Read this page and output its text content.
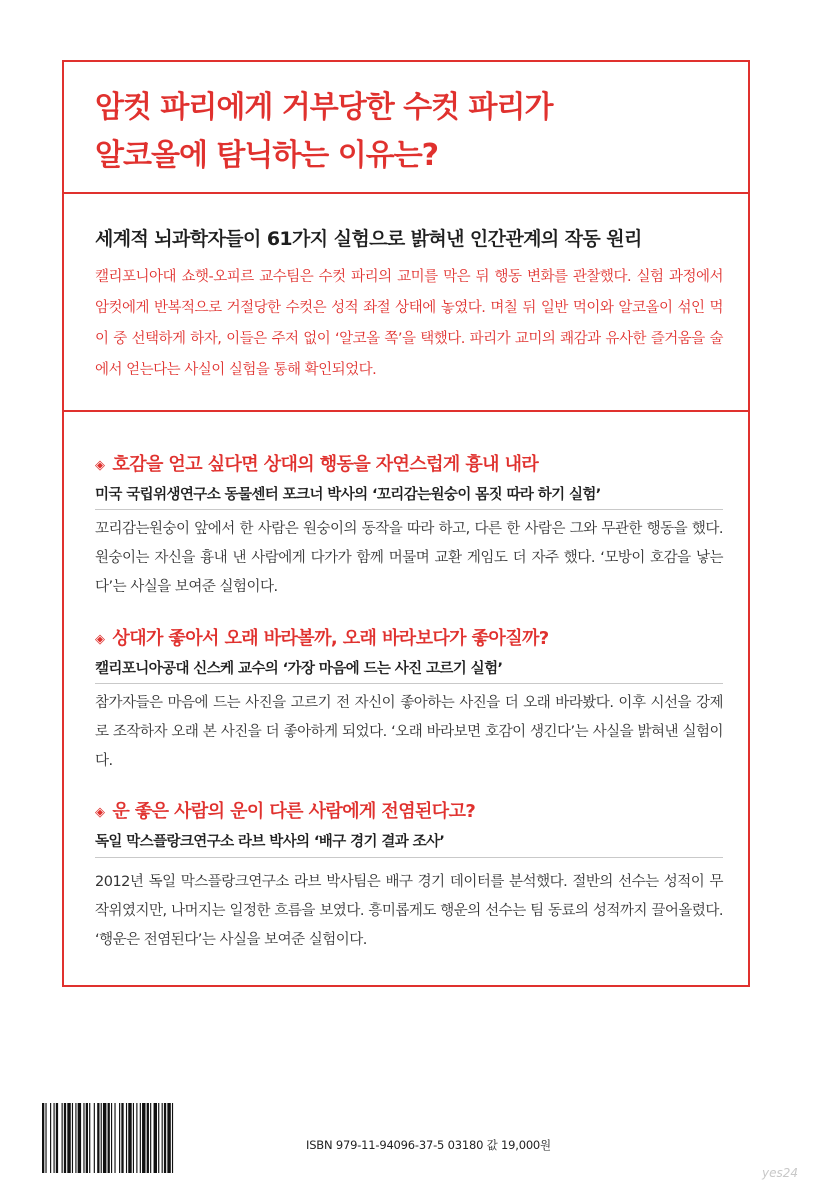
암컷 파리에게 거부당한 수컷 파리가
알코올에 탐닉하는 이유는?
세계적 뇌과학자들이 61가지 실험으로 밝혀낸 인간관계의 작동 원리
캘리포니아대 쇼햇-오피르 교수팀은 수컷 파리의 교미를 막은 뒤 행동 변화를 관찰했다. 실험 과정에서 암컷에게 반복적으로 거절당한 수컷은 성적 좌절 상태에 놓였다. 며칠 뒤 일반 먹이와 알코올이 섞인 먹이 중 선택하게 하자, 이들은 주저 없이 ‘알코올 쪽’을 택했다. 파리가 교미의 쾌감과 유사한 즐거움을 술에서 얻는다는 사실이 실험을 통해 확인되었다.
◈ 호감을 얻고 싶다면 상대의 행동을 자연스럽게 흉내 내라
미국 국립위생연구소 동물센터 포크너 박사의 ‘꼬리감는원숭이 몸짓 따라 하기 실험’
꼬리감는원숭이 앞에서 한 사람은 원숭이의 동작을 따라 하고, 다른 한 사람은 그와 무관한 행동을 했다. 원숭이는 자신을 흉내 낸 사람에게 다가가 함께 머물며 교환 게임도 더 자주 했다. ‘모방이 호감을 낳는다’는 사실을 보여준 실험이다.
◈ 상대가 좋아서 오래 바라볼까, 오래 바라보다가 좋아질까?
캘리포니아공대 신스케 교수의 ‘가장 마음에 드는 사진 고르기 실험’
참가자들은 마음에 드는 사진을 고르기 전 자신이 좋아하는 사진을 더 오래 바라봤다. 이후 시선을 강제로 조작하자 오래 본 사진을 더 좋아하게 되었다. ‘오래 바라보면 호감이 생긴다’는 사실을 밝혀낸 실험이다.
◈ 운 좋은 사람의 운이 다른 사람에게 전염된다고?
독일 막스플랑크연구소 라브 박사의 ‘배구 경기 결과 조사’
2012년 독일 막스플랑크연구소 라브 박사팀은 배구 경기 데이터를 분석했다. 절반의 선수는 성적이 무작위였지만, 나머지는 일정한 흐름을 보였다. 흥미롭게도 행운의 선수는 팀 동료의 성적까지 끌어올렸다. ‘행운은 전염된다’는 사실을 보여준 실험이다.
ISBN 979-11-94096-37-5 03180 값 19,000원
yes24
